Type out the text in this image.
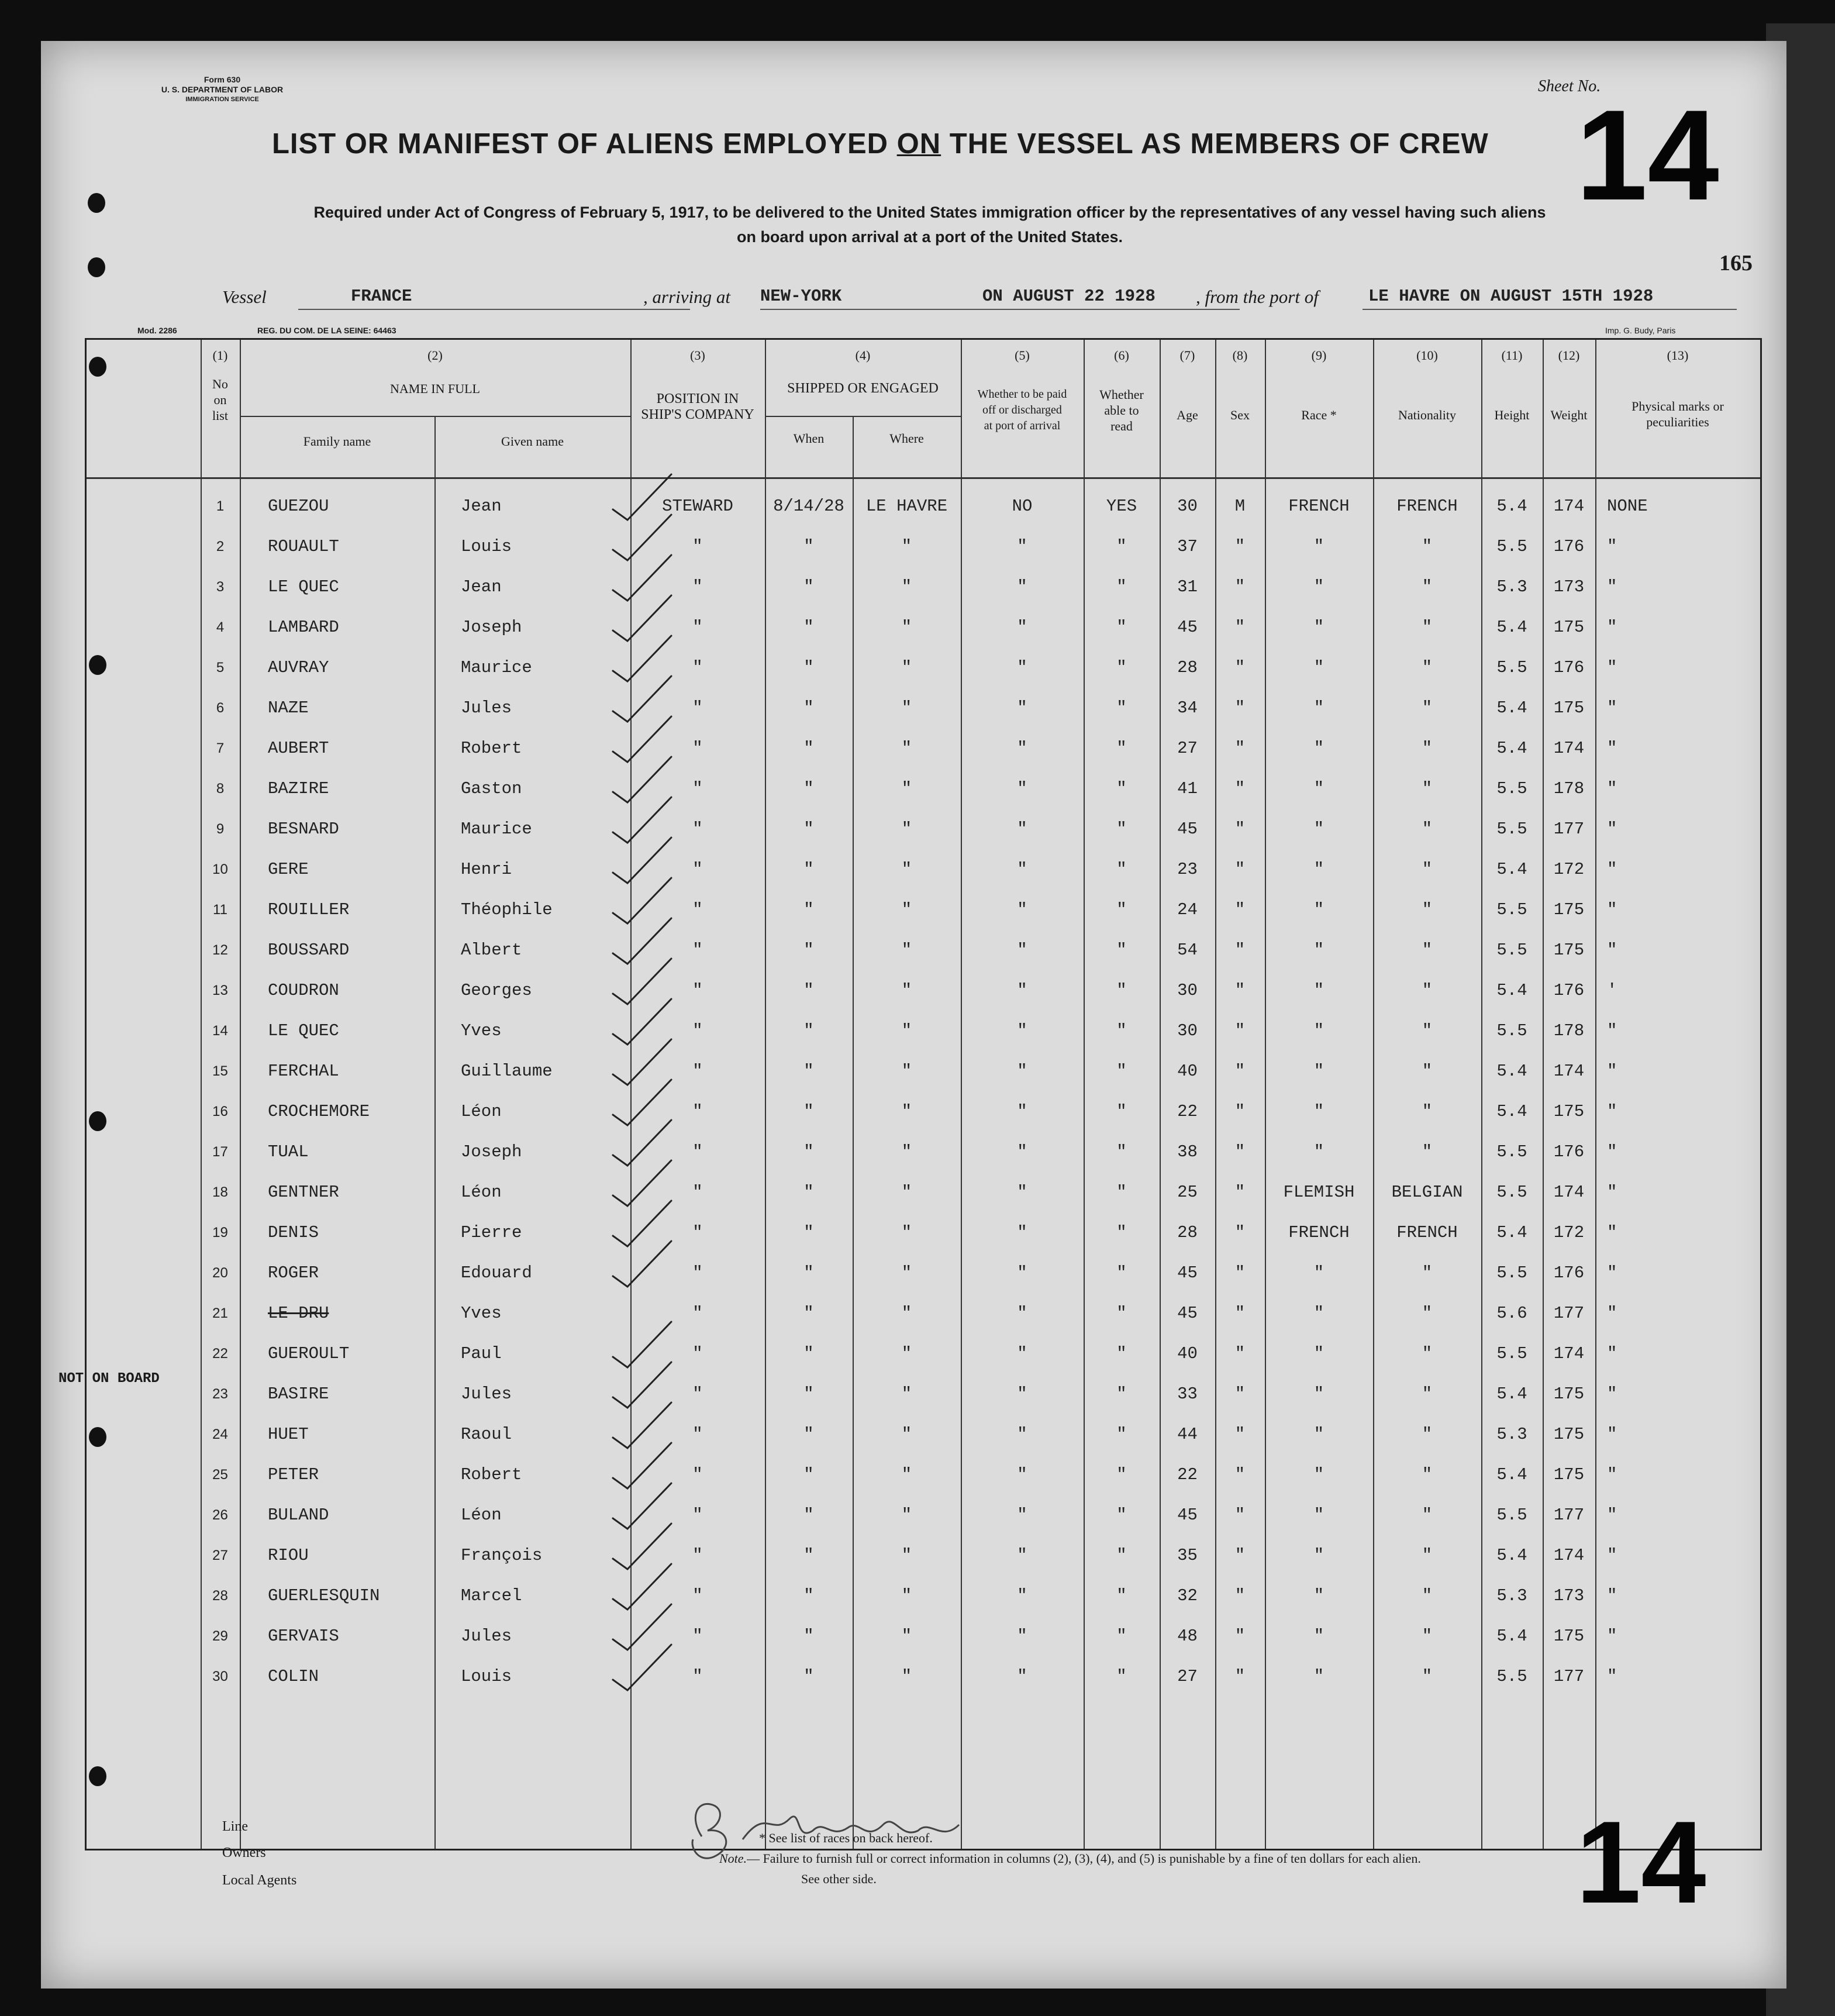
Form 630
U. S. DEPARTMENT OF LABOR
IMMIGRATION SERVICE
Sheet No.
LIST OR MANIFEST OF ALIENS EMPLOYED ON THE VESSEL AS MEMBERS OF CREW 14
Required under Act of Congress of February 5, 1917, to be delivered to the United States immigration officer by the representatives of any vessel having such aliens
on board upon arrival at a port of the United States.
165
Vessel	FRANCE	, arriving at NEW-YORK	ON AUGUST 22 1928 , from the port of	LE HAVRE ON AUGUST 15TH 1928
Mod. 2286	REG. DU COM. DE LA SEINE: 64463	Imp. G. Budy, Paris
(1)	(2)	(3)	(4)	(5)	(6)	(7)	(8)	(9)	(10)	(11)	(12)	(13)
No
on
list
NAME IN FULL
Family name	Given name
POSITION IN
SHIP'S COMPANY
SHIPPED OR ENGAGED
When	Where
Whether to be paid
off or discharged
at port of arrival
Whether
able to
read
Age	Sex	Race *	Nationality	Height	Weight
Physical marks or
peculiarities
1	GUEZOU	Jean	STEWARD	8/14/28	LE HAVRE	NO	YES	30	M	FRENCH	FRENCH	5.4	174	NONE
2	ROUAULT	Louis	"	"	"	"	"	37	"	"	"	5.5	176	"
3	LE QUEC	Jean	"	"	"	"	"	31	"	"	"	5.3	173	"
4	LAMBARD	Joseph	"	"	"	"	"	45	"	"	"	5.4	175	"
5	AUVRAY	Maurice	"	"	"	"	"	28	"	"	"	5.5	176	"
6	NAZE	Jules	"	"	"	"	"	34	"	"	"	5.4	175	"
7	AUBERT	Robert	"	"	"	"	"	27	"	"	"	5.4	174	"
8	BAZIRE	Gaston	"	"	"	"	"	41	"	"	"	5.5	178	"
9	BESNARD	Maurice	"	"	"	"	"	45	"	"	"	5.5	177	"
10	GERE	Henri	"	"	"	"	"	23	"	"	"	5.4	172	"
11	ROUILLER	Théophile	"	"	"	"	"	24	"	"	"	5.5	175	"
12	BOUSSARD	Albert	"	"	"	"	"	54	"	"	"	5.5	175	"
13	COUDRON	Georges	"	"	"	"	"	30	"	"	"	5.4	176	'
14	LE QUEC	Yves	"	"	"	"	"	30	"	"	"	5.5	178	"
15	FERCHAL	Guillaume	"	"	"	"	"	40	"	"	"	5.4	174	"
16	CROCHEMORE	Léon	"	"	"	"	"	22	"	"	"	5.4	175	"
17	TUAL	Joseph	"	"	"	"	"	38	"	"	"	5.5	176	"
18	GENTNER	Léon	"	"	"	"	"	25	"	FLEMISH	BELGIAN	5.5	174	"
19	DENIS	Pierre	"	"	"	"	"	28	"	FRENCH	FRENCH	5.4	172	"
20	ROGER	Edouard	"	"	"	"	"	45	"	"	"	5.5	176	"
21	LE DRU	Yves	"	"	"	"	"	45	"	"	"	5.6	177	"
22	GUEROULT	Paul	"	"	"	"	"	40	"	"	"	5.5	174	"
23	BASIRE	Jules	"	"	"	"	"	33	"	"	"	5.4	175	"
24	HUET	Raoul	"	"	"	"	"	44	"	"	"	5.3	175	"
25	PETER	Robert	"	"	"	"	"	22	"	"	"	5.4	175	"
26	BULAND	Léon	"	"	"	"	"	45	"	"	"	5.5	177	"
27	RIOU	François	"	"	"	"	"	35	"	"	"	5.4	174	"
28	GUERLESQUIN	Marcel	"	"	"	"	"	32	"	"	"	5.3	173	"
29	GERVAIS	Jules	"	"	"	"	"	48	"	"	"	5.4	175	"
30	COLIN	Louis	"	"	"	"	"	27	"	"	"	5.5	177	"
NOT ON BOARD
Line
Owners
Local Agents
* See list of races on back hereof.
Note.— Failure to furnish full or correct information in columns (2), (3), (4), and (5) is punishable by a fine of ten dollars for each alien.
See other side.	14
